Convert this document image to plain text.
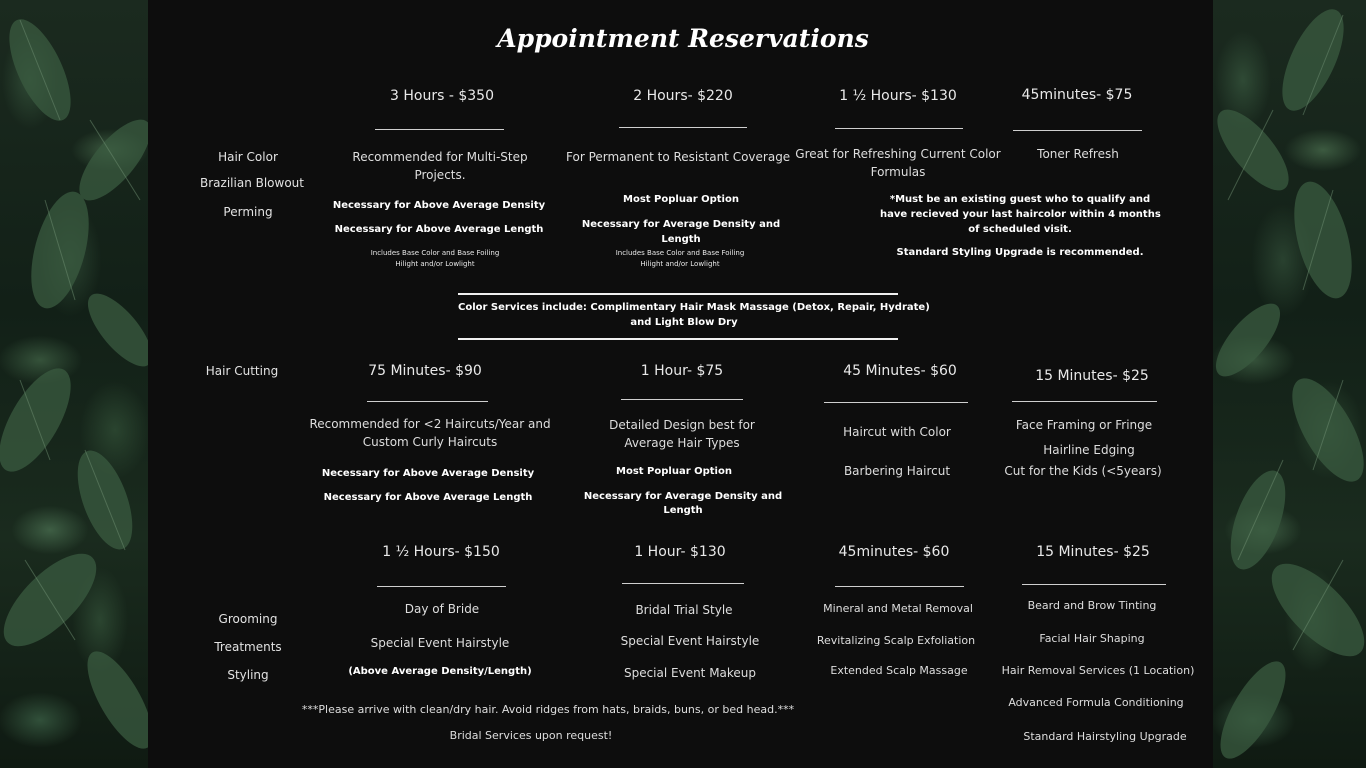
Appointment Reservations
Hair Color
Brazilian Blowout
Perming
Hair Cutting
Grooming
Treatments
Styling
3 Hours - $350
Recommended for Multi-Step
Projects.
Necessary for Above Average Density
Necessary for Above Average Length
Includes Base Color and Base Foiling
Hilight and/or Lowlight
2 Hours- $220
For Permanent to Resistant Coverage
Most Popluar Option
Necessary for Average Density and
Length
Includes Base Color and Base Foiling
Hilight and/or Lowlight
1 ½ Hours- $130
Great for Refreshing Current Color
Formulas
45minutes- $75
Toner Refresh
*Must be an existing guest who to qualify and
have recieved your last haircolor within 4 months
of scheduled visit.
Standard Styling Upgrade is recommended.
Color Services include: Complimentary Hair Mask Massage (Detox, Repair, Hydrate)
and Light Blow Dry
75 Minutes- $90
Recommended for <2 Haircuts/Year and
Custom Curly Haircuts
Necessary for Above Average Density
Necessary for Above Average Length
1 Hour- $75
Detailed Design best for
Average Hair Types
Most Popluar Option
Necessary for Average Density and
Length
45 Minutes- $60
Haircut with Color
Barbering Haircut
15 Minutes- $25
Face Framing or Fringe
Hairline Edging
Cut for the Kids (<5years)
1 ½ Hours- $150
Day of Bride
Special Event Hairstyle
(Above Average Density/Length)
1 Hour- $130
Bridal Trial Style
Special Event Hairstyle
Special Event Makeup
45minutes- $60
Mineral and Metal Removal
Revitalizing Scalp Exfoliation
Extended Scalp Massage
15 Minutes- $25
Beard and Brow Tinting
Facial Hair Shaping
Hair Removal Services (1 Location)
Advanced Formula Conditioning
Standard Hairstyling Upgrade
***Please arrive with clean/dry hair. Avoid ridges from hats, braids, buns, or bed head.***
Bridal Services upon request!
